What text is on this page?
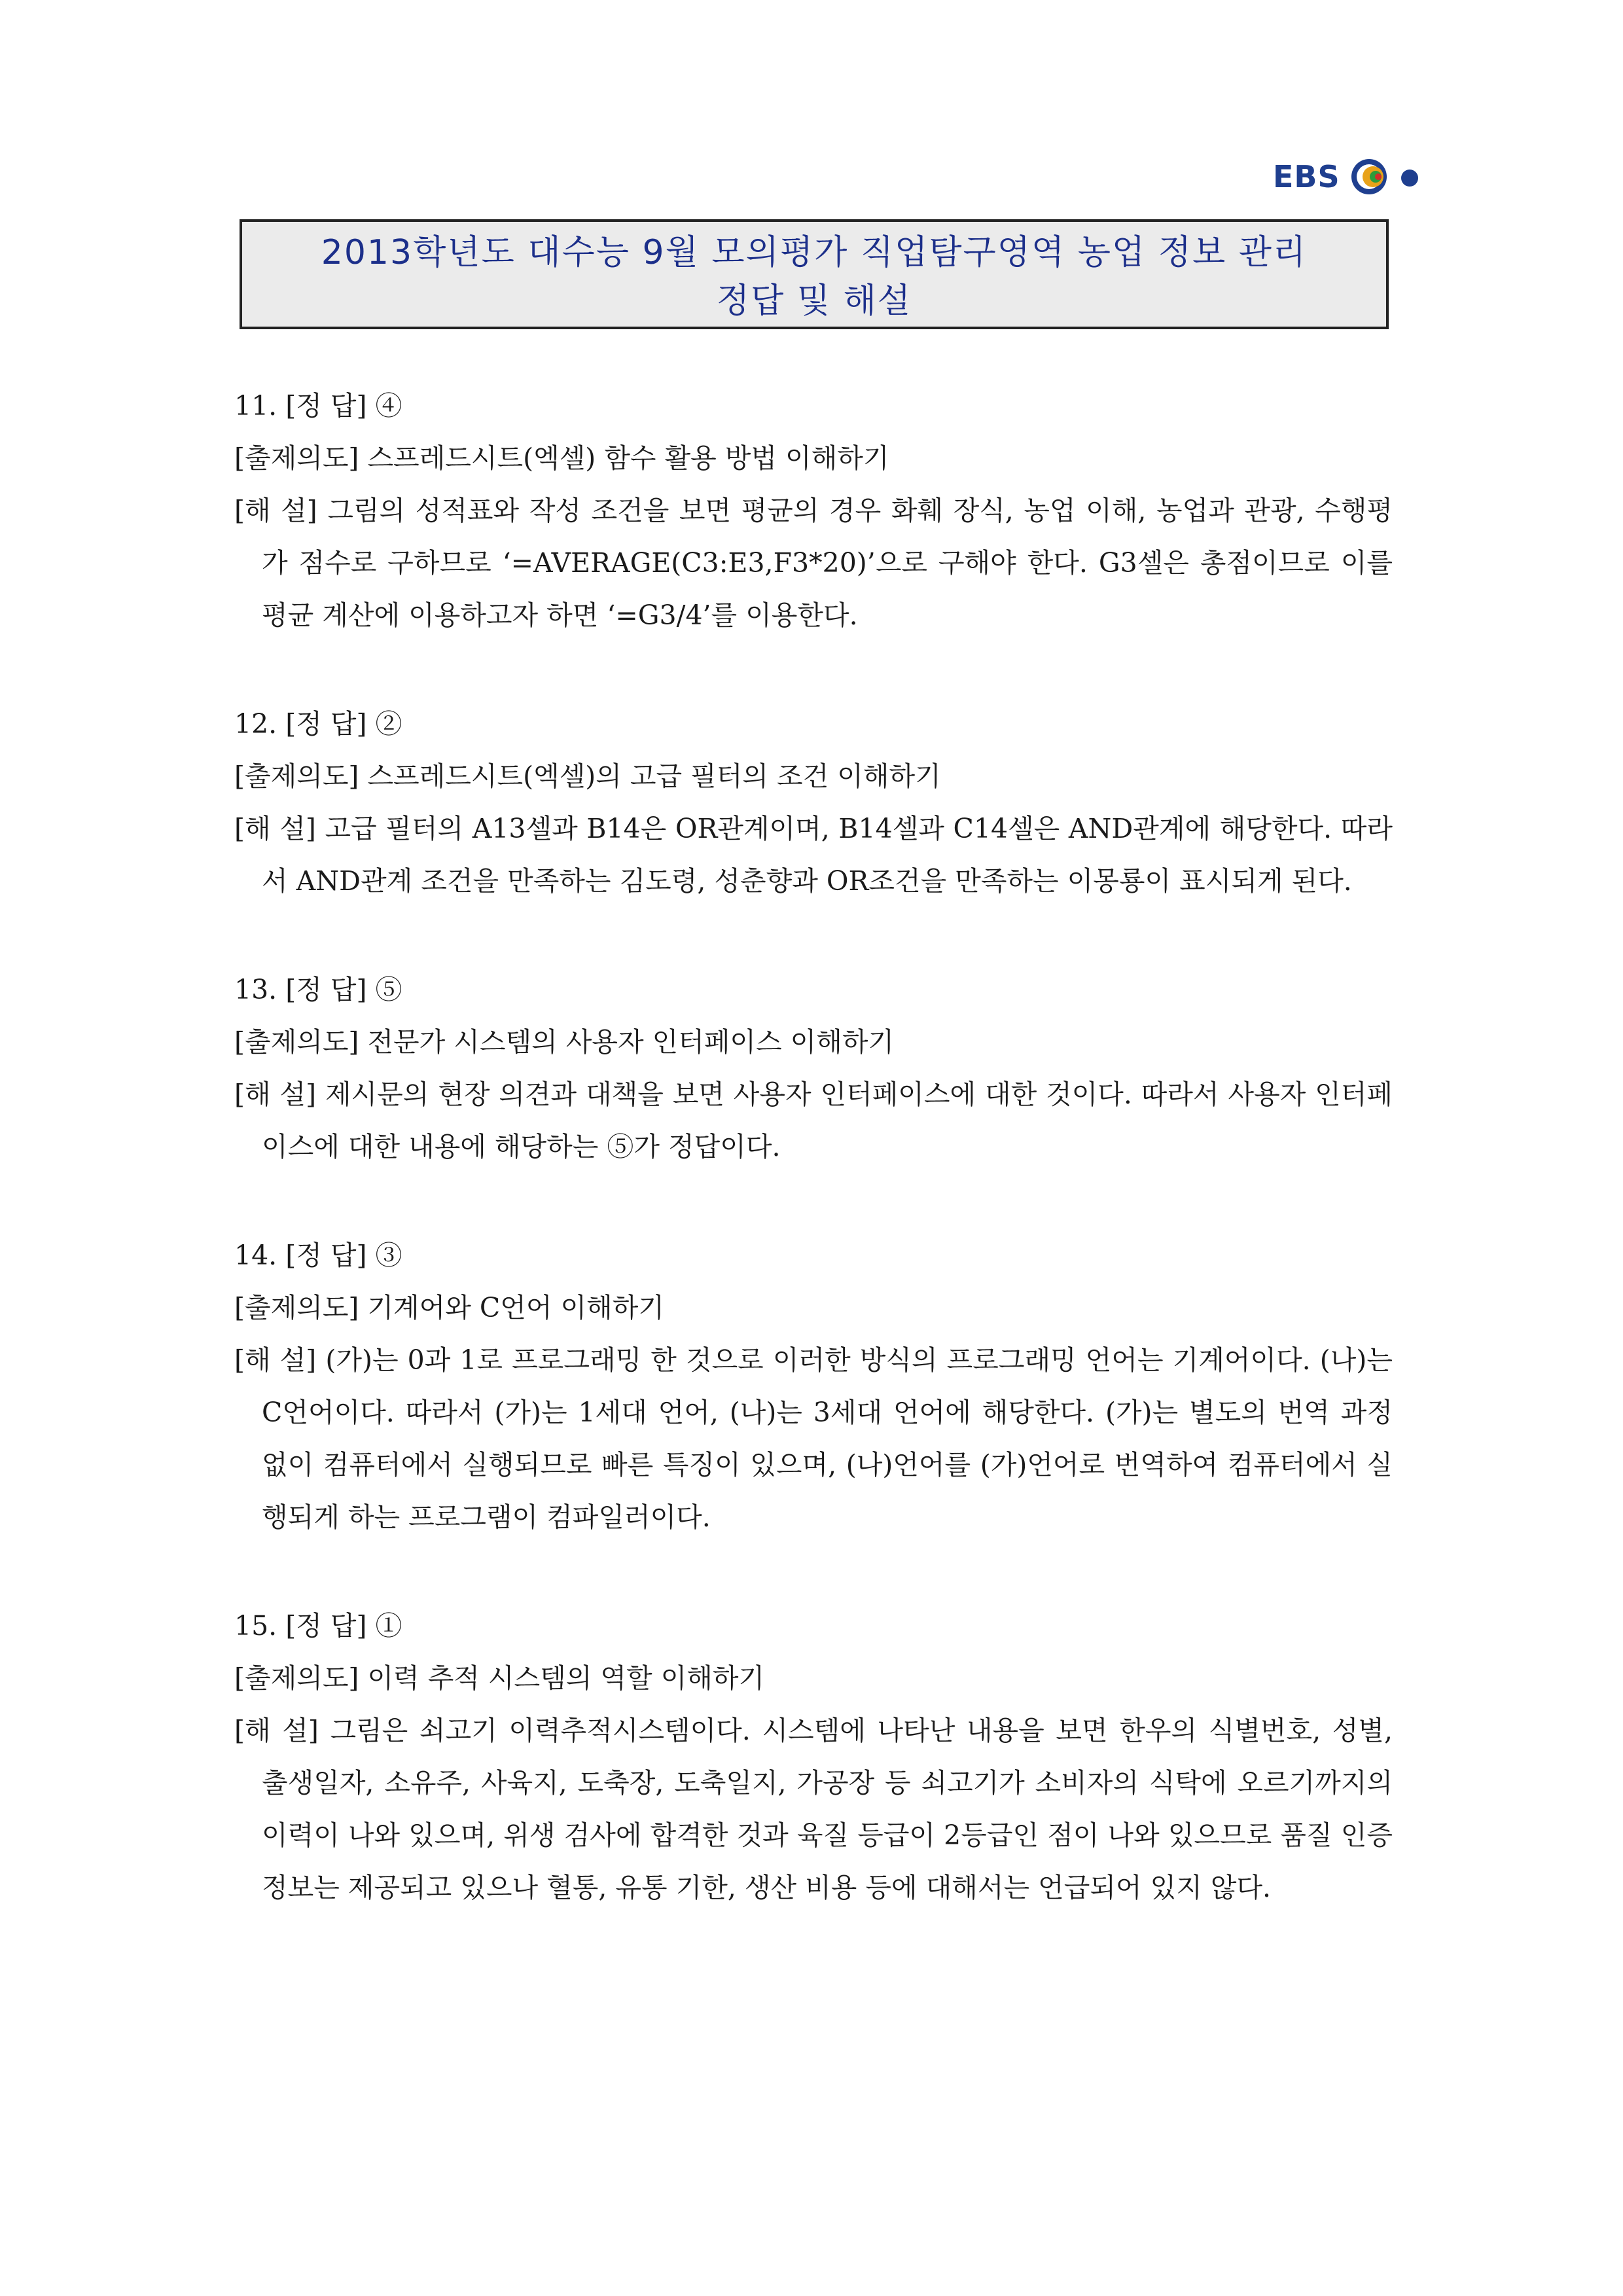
EBS
2013학년도 대수능 9월 모의평가 직업탐구영역 농업 정보 관리
정답 및 해설
11. [정 답] ④
[출제의도] 스프레드시트(엑셀) 함수 활용 방법 이해하기
[해 설] 그림의 성적표와 작성 조건을 보면 평균의 경우 화훼 장식, 농업 이해, 농업과 관광, 수행평가 점수로 구하므로 ‘=AVERAGE(C3:E3,F3*20)’으로 구해야 한다. G3셀은 총점이므로 이를 평균 계산에 이용하고자 하면 ‘=G3/4’를 이용한다.
12. [정 답] ②
[출제의도] 스프레드시트(엑셀)의 고급 필터의 조건 이해하기
[해 설] 고급 필터의 A13셀과 B14은 OR관계이며, B14셀과 C14셀은 AND관계에 해당한다. 따라서 AND관계 조건을 만족하는 김도령, 성춘향과 OR조건을 만족하는 이몽룡이 표시되게 된다.
13. [정 답] ⑤
[출제의도] 전문가 시스템의 사용자 인터페이스 이해하기
[해 설] 제시문의 현장 의견과 대책을 보면 사용자 인터페이스에 대한 것이다. 따라서 사용자 인터페이스에 대한 내용에 해당하는 ⑤가 정답이다.
14. [정 답] ③
[출제의도] 기계어와 C언어 이해하기
[해 설] (가)는 0과 1로 프로그래밍 한 것으로 이러한 방식의 프로그래밍 언어는 기계어이다. (나)는 C언어이다. 따라서 (가)는 1세대 언어, (나)는 3세대 언어에 해당한다. (가)는 별도의 번역 과정 없이 컴퓨터에서 실행되므로 빠른 특징이 있으며, (나)언어를 (가)언어로 번역하여 컴퓨터에서 실행되게 하는 프로그램이 컴파일러이다.
15. [정 답] ①
[출제의도] 이력 추적 시스템의 역할 이해하기
[해 설] 그림은 쇠고기 이력추적시스템이다. 시스템에 나타난 내용을 보면 한우의 식별번호, 성별, 출생일자, 소유주, 사육지, 도축장, 도축일지, 가공장 등 쇠고기가 소비자의 식탁에 오르기까지의 이력이 나와 있으며, 위생 검사에 합격한 것과 육질 등급이 2등급인 점이 나와 있으므로 품질 인증 정보는 제공되고 있으나 혈통, 유통 기한, 생산 비용 등에 대해서는 언급되어 있지 않다.
